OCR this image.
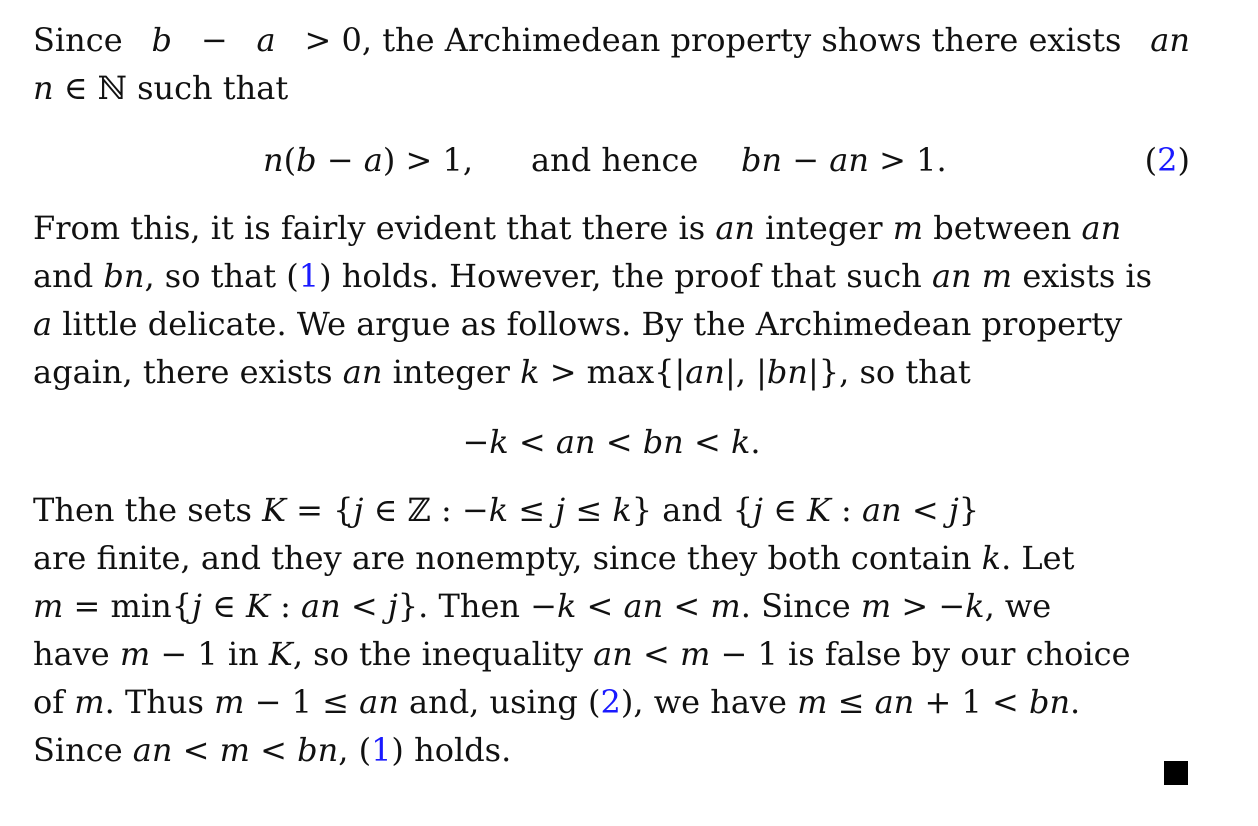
Since b − a > 0, the Archimedean property shows there exists an
n ∈ ℕ such that
n(b − a) > 1, and hence bn − an > 1.	(2)
From this, it is fairly evident that there is an integer m between an
and bn, so that (1) holds. However, the proof that such an m exists is
a little delicate. We argue as follows. By the Archimedean property
again, there exists an integer k > max{|an|, |bn|}, so that
−k < an < bn < k.
Then the sets K = {j ∈ ℤ : −k ≤ j ≤ k} and {j ∈ K : an < j}
are finite, and they are nonempty, since they both contain k. Let
m = min{j ∈ K : an < j}. Then −k < an < m. Since m > −k, we
have m − 1 in K, so the inequality an < m − 1 is false by our choice
of m. Thus m − 1 ≤ an and, using (2), we have m ≤ an + 1 < bn.
Since an < m < bn, (1) holds.
